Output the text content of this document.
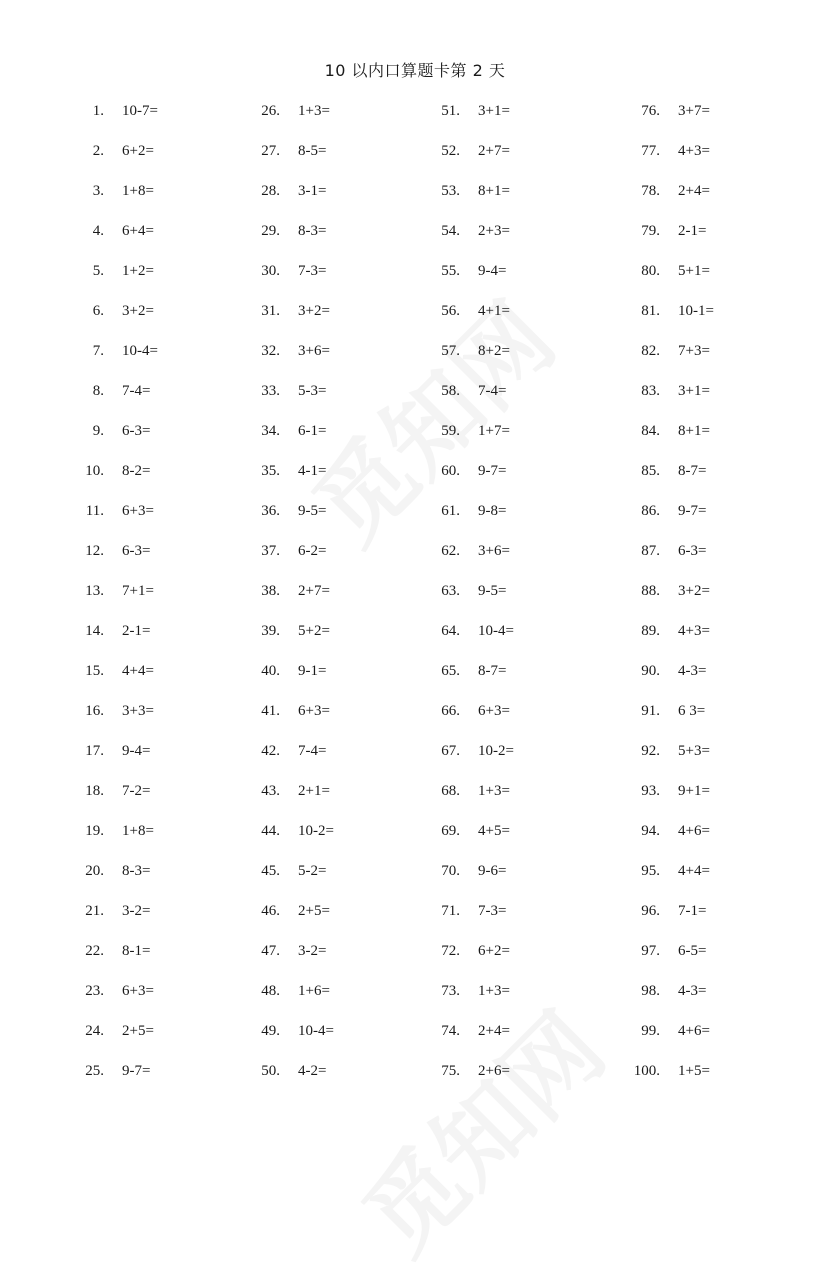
10 以内口算题卡第 2 天
1. 10-7=
2. 6+2=
3. 1+8=
4. 6+4=
5. 1+2=
6. 3+2=
7. 10-4=
8. 7-4=
9. 6-3=
10. 8-2=
11. 6+3=
12. 6-3=
13. 7+1=
14. 2-1=
15. 4+4=
16. 3+3=
17. 9-4=
18. 7-2=
19. 1+8=
20. 8-3=
21. 3-2=
22. 8-1=
23. 6+3=
24. 2+5=
25. 9-7=
26. 1+3=
27. 8-5=
28. 3-1=
29. 8-3=
30. 7-3=
31. 3+2=
32. 3+6=
33. 5-3=
34. 6-1=
35. 4-1=
36. 9-5=
37. 6-2=
38. 2+7=
39. 5+2=
40. 9-1=
41. 6+3=
42. 7-4=
43. 2+1=
44. 10-2=
45. 5-2=
46. 2+5=
47. 3-2=
48. 1+6=
49. 10-4=
50. 4-2=
51. 3+1=
52. 2+7=
53. 8+1=
54. 2+3=
55. 9-4=
56. 4+1=
57. 8+2=
58. 7-4=
59. 1+7=
60. 9-7=
61. 9-8=
62. 3+6=
63. 9-5=
64. 10-4=
65. 8-7=
66. 6+3=
67. 10-2=
68. 1+3=
69. 4+5=
70. 9-6=
71. 7-3=
72. 6+2=
73. 1+3=
74. 2+4=
75. 2+6=
76. 3+7=
77. 4+3=
78. 2+4=
79. 2-1=
80. 5+1=
81. 10-1=
82. 7+3=
83. 3+1=
84. 8+1=
85. 8-7=
86. 9-7=
87. 6-3=
88. 3+2=
89. 4+3=
90. 4-3=
91. 6 3=
92. 5+3=
93. 9+1=
94. 4+6=
95. 4+4=
96. 7-1=
97. 6-5=
98. 4-3=
99. 4+6=
100. 1+5=
